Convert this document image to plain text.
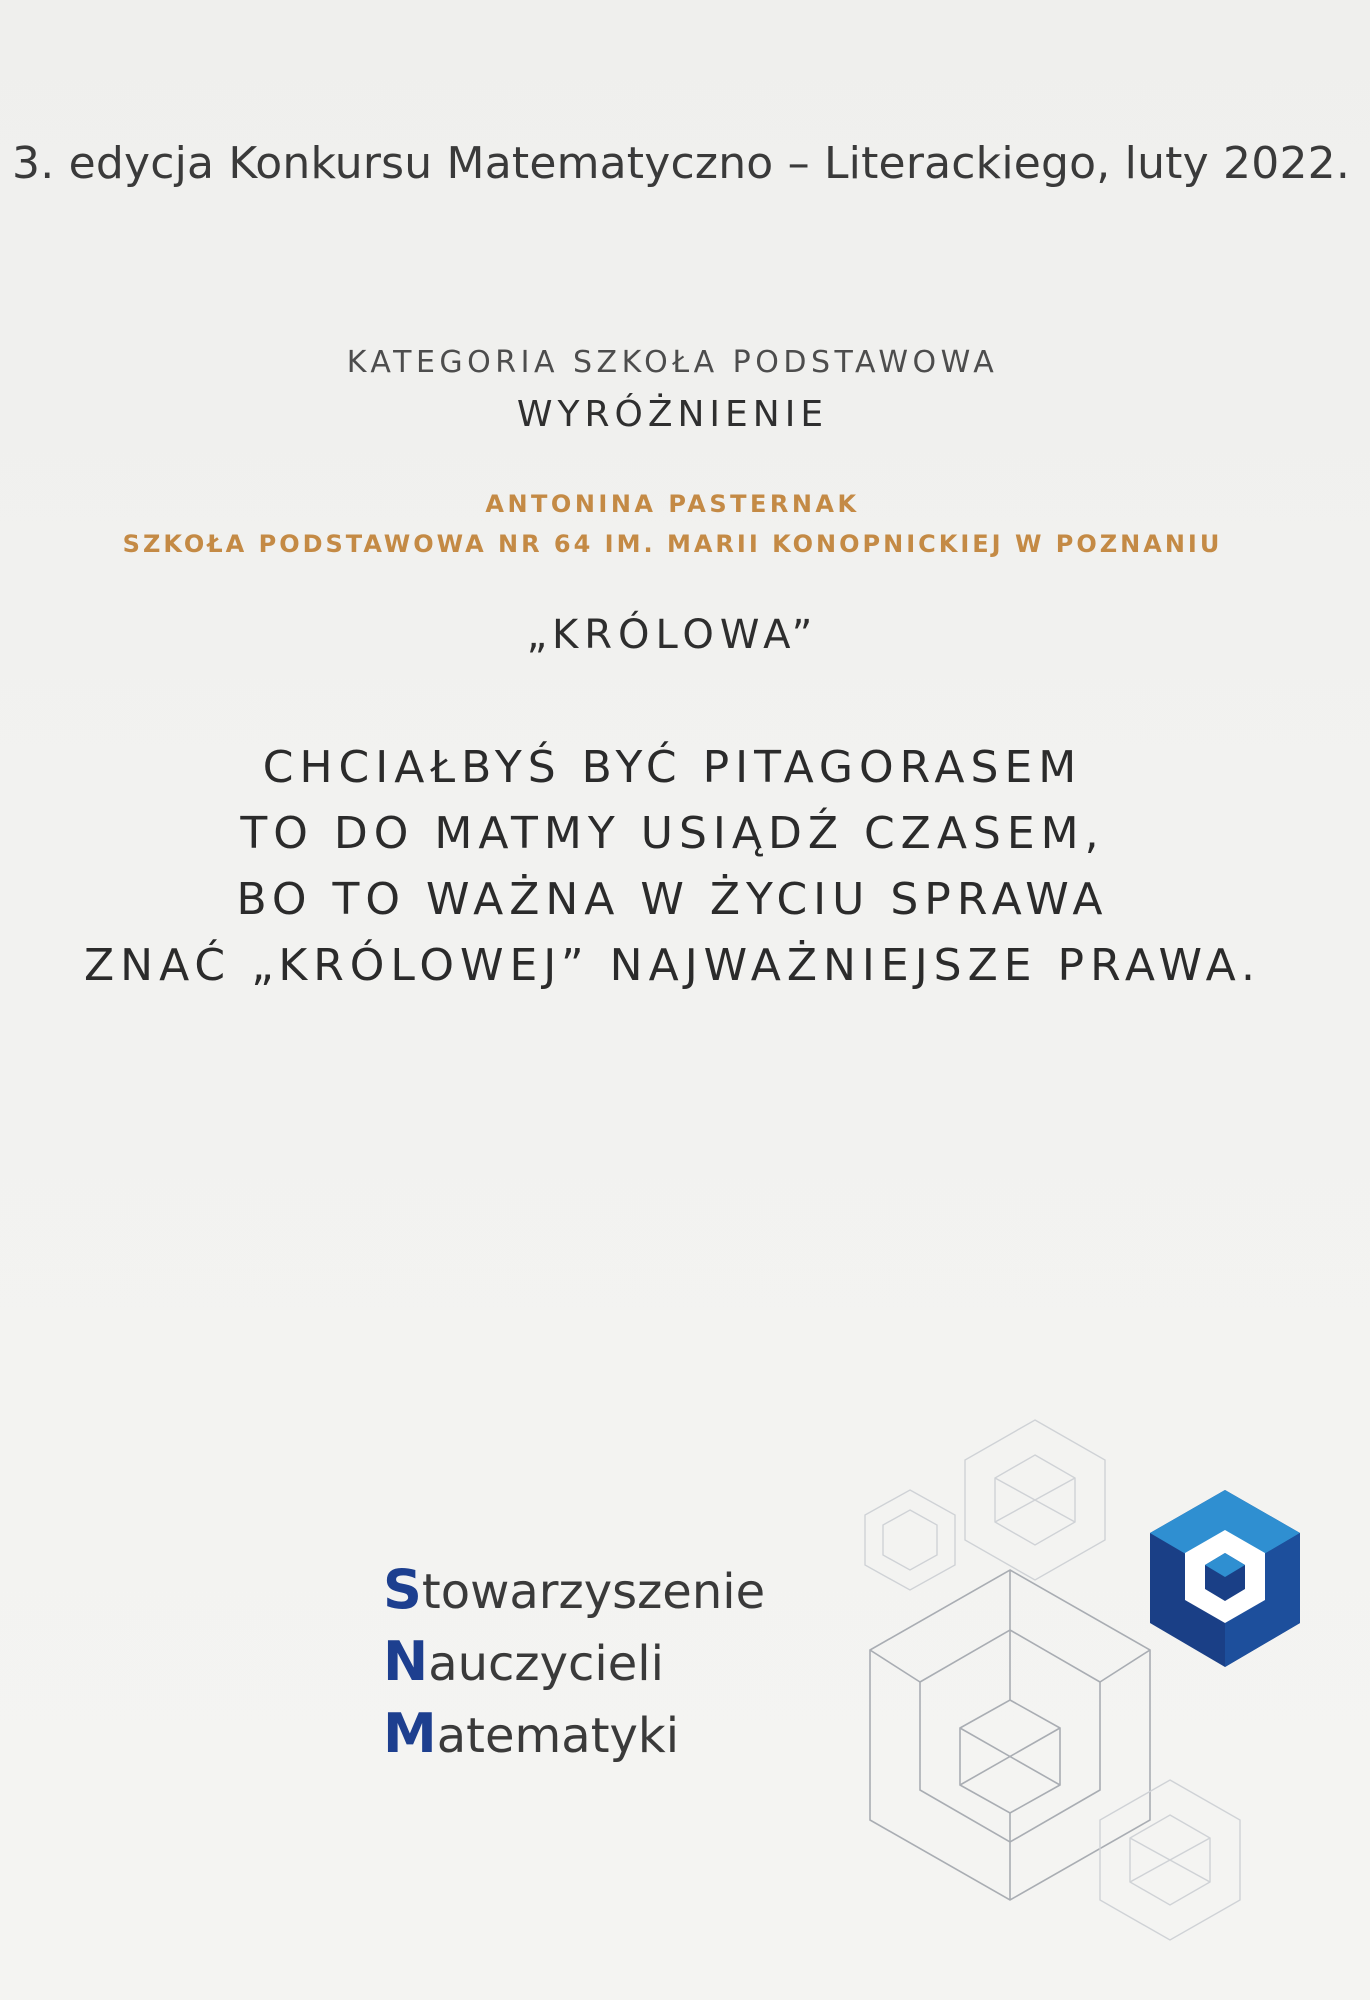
3. edycja Konkursu Matematyczno – Literackiego, luty 2022.
KATEGORIA SZKOŁA PODSTAWOWA
WYRÓŻNIENIE
ANTONINA PASTERNAK
SZKOŁA PODSTAWOWA NR 64 IM. MARII KONOPNICKIEJ W POZNANIU
„KRÓLOWA”
CHCIAŁBYŚ BYĆ PITAGORASEM
TO DO MATMY USIĄDŹ CZASEM,
BO TO WAŻNA W ŻYCIU SPRAWA
ZNAĆ „KRÓLOWEJ” NAJWAŻNIEJSZE PRAWA.
Stowarzyszenie
Nauczycieli
Matematyki
